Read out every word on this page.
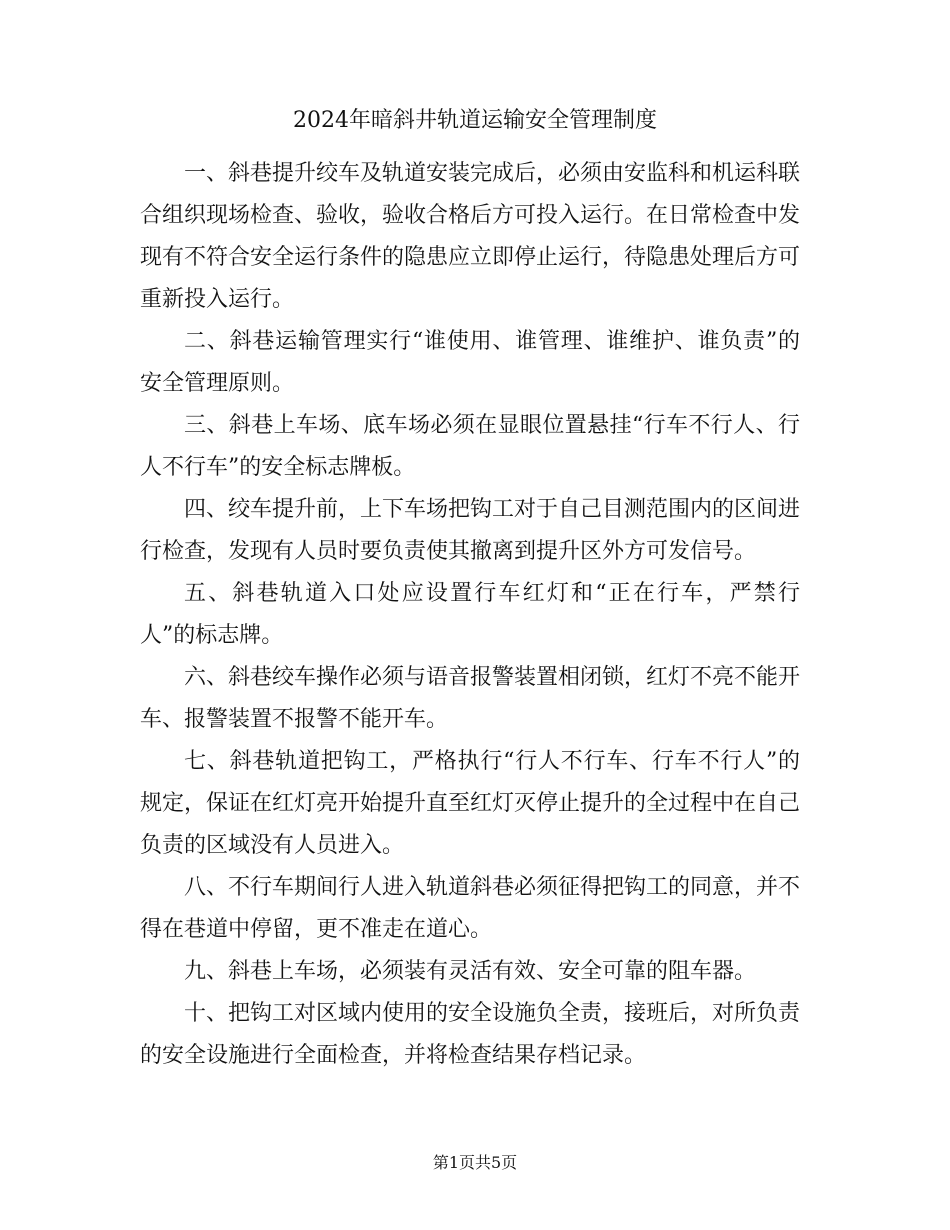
2024年暗斜井轨道运输安全管理制度

一、斜巷提升绞车及轨道安装完成后，必须由安监科和机运科联合组织现场检查、验收，验收合格后方可投入运行。在日常检查中发现有不符合安全运行条件的隐患应立即停止运行，待隐患处理后方可重新投入运行。

二、斜巷运输管理实行“谁使用、谁管理、谁维护、谁负责”的安全管理原则。

三、斜巷上车场、底车场必须在显眼位置悬挂“行车不行人、行人不行车”的安全标志牌板。

四、绞车提升前，上下车场把钩工对于自己目测范围内的区间进行检查，发现有人员时要负责使其撤离到提升区外方可发信号。

五、斜巷轨道入口处应设置行车红灯和“正在行车，严禁行人”的标志牌。

六、斜巷绞车操作必须与语音报警装置相闭锁，红灯不亮不能开车、报警装置不报警不能开车。

七、斜巷轨道把钩工，严格执行“行人不行车、行车不行人”的规定，保证在红灯亮开始提升直至红灯灭停止提升的全过程中在自己负责的区域没有人员进入。

八、不行车期间行人进入轨道斜巷必须征得把钩工的同意，并不得在巷道中停留，更不准走在道心。

九、斜巷上车场，必须装有灵活有效、安全可靠的阻车器。

十、把钩工对区域内使用的安全设施负全责，接班后，对所负责的安全设施进行全面检查，并将检查结果存档记录。

第1页共5页
